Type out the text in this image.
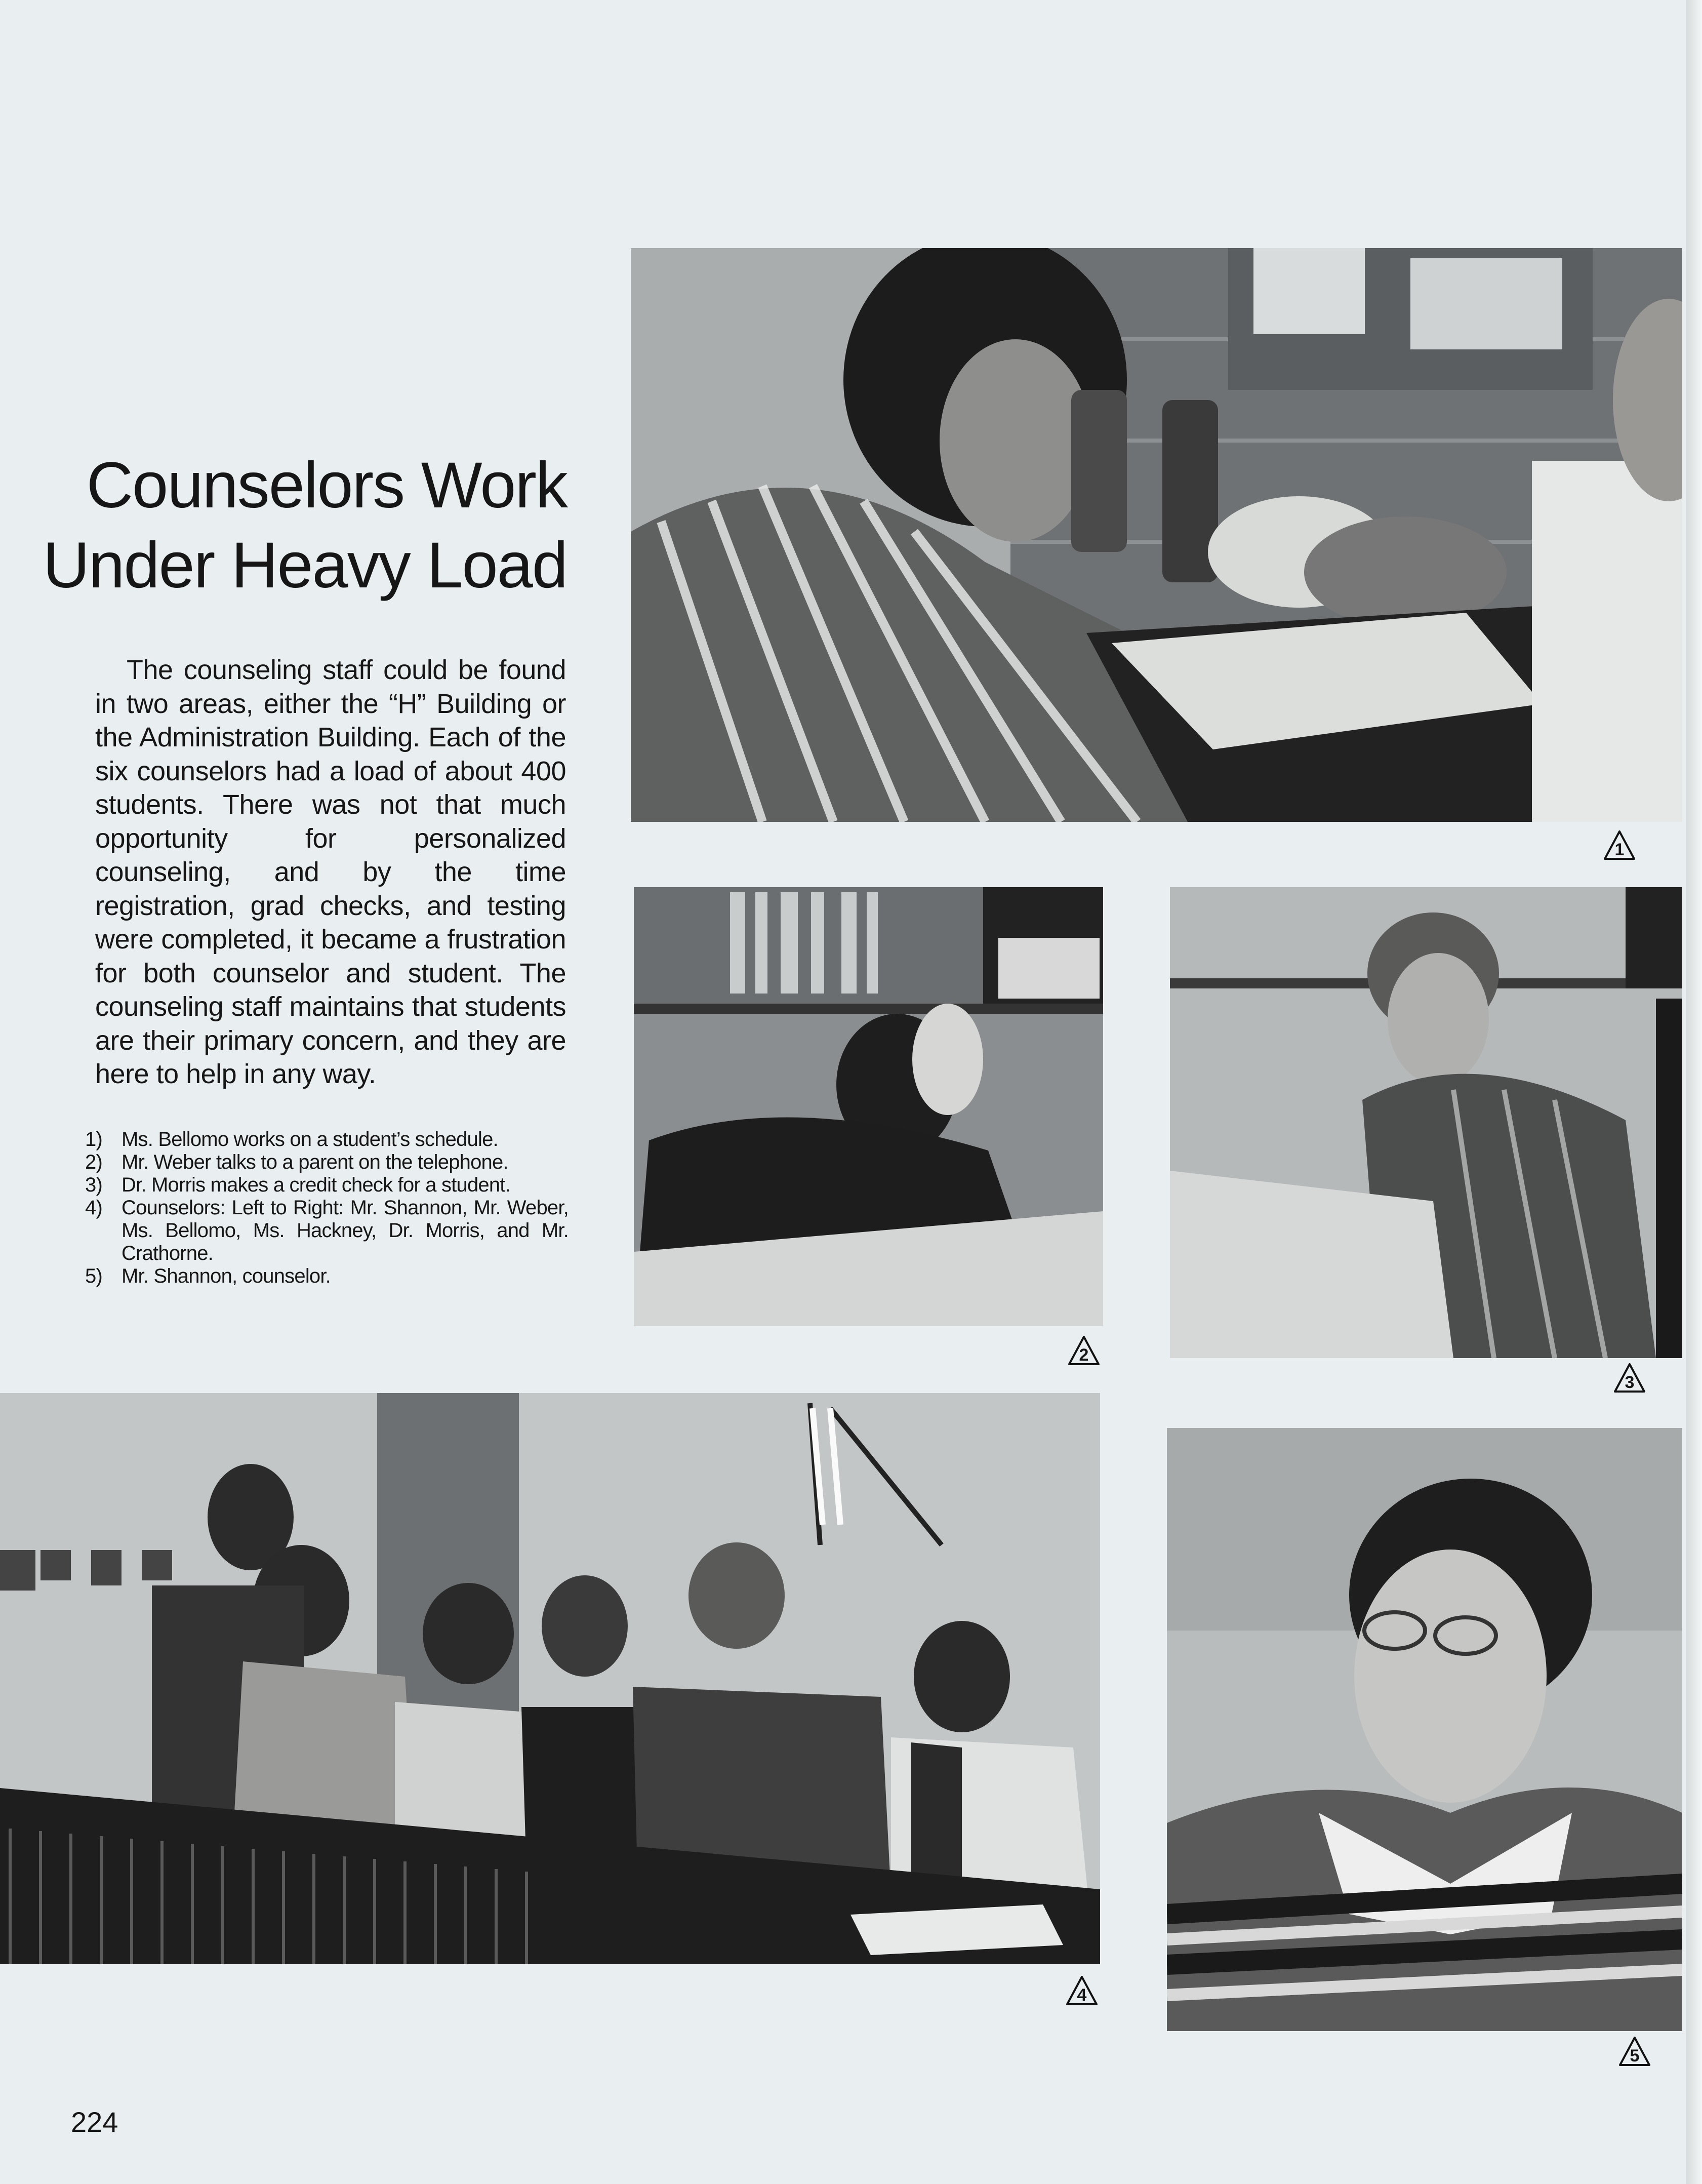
Counselors Work
Under Heavy Load

The counseling staff could be found in two areas, either the “H” Building or the Administration Building. Each of the six counselors had a load of about 400 students. There was not that much opportunity for personalized counseling, and by the time registration, grad checks, and testing were completed, it became a frustration for both counselor and student. The counseling staff maintains that students are their primary concern, and they are here to help in any way.

1) Ms. Bellomo works on a student’s schedule.
2) Mr. Weber talks to a parent on the telephone.
3) Dr. Morris makes a credit check for a student.
4) Counselors: Left to Right: Mr. Shannon, Mr. Weber, Ms. Bellomo, Ms. Hackney, Dr. Morris, and Mr. Crathorne.
5) Mr. Shannon, counselor.
224
1
2
3
4
5
